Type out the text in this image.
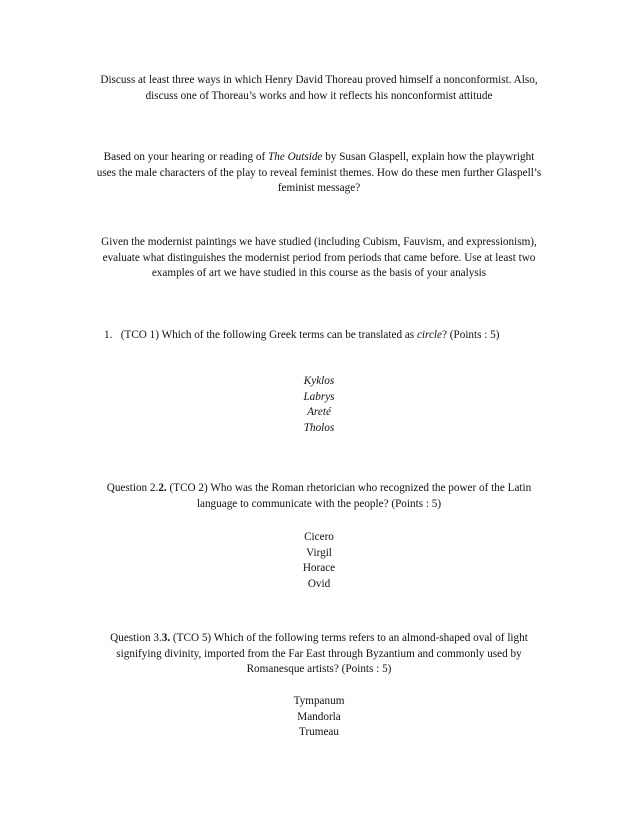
Discuss at least three ways in which Henry David Thoreau proved himself a nonconformist. Also,
discuss one of Thoreau’s works and how it reflects his nonconformist attitude
Based on your hearing or reading of The Outside by Susan Glaspell, explain how the playwright
uses the male characters of the play to reveal feminist themes. How do these men further Glaspell’s
feminist message?
Given the modernist paintings we have studied (including Cubism, Fauvism, and expressionism),
evaluate what distinguishes the modernist period from periods that came before. Use at least two
examples of art we have studied in this course as the basis of your analysis
1. (TCO 1) Which of the following Greek terms can be translated as circle? (Points : 5)
Kyklos
Labrys
Areté
Tholos
Question 2.2. (TCO 2) Who was the Roman rhetorician who recognized the power of the Latin
language to communicate with the people? (Points : 5)
Cicero
Virgil
Horace
Ovid
Question 3.3. (TCO 5) Which of the following terms refers to an almond-shaped oval of light
signifying divinity, imported from the Far East through Byzantium and commonly used by
Romanesque artists? (Points : 5)
Tympanum
Mandorla
Trumeau
